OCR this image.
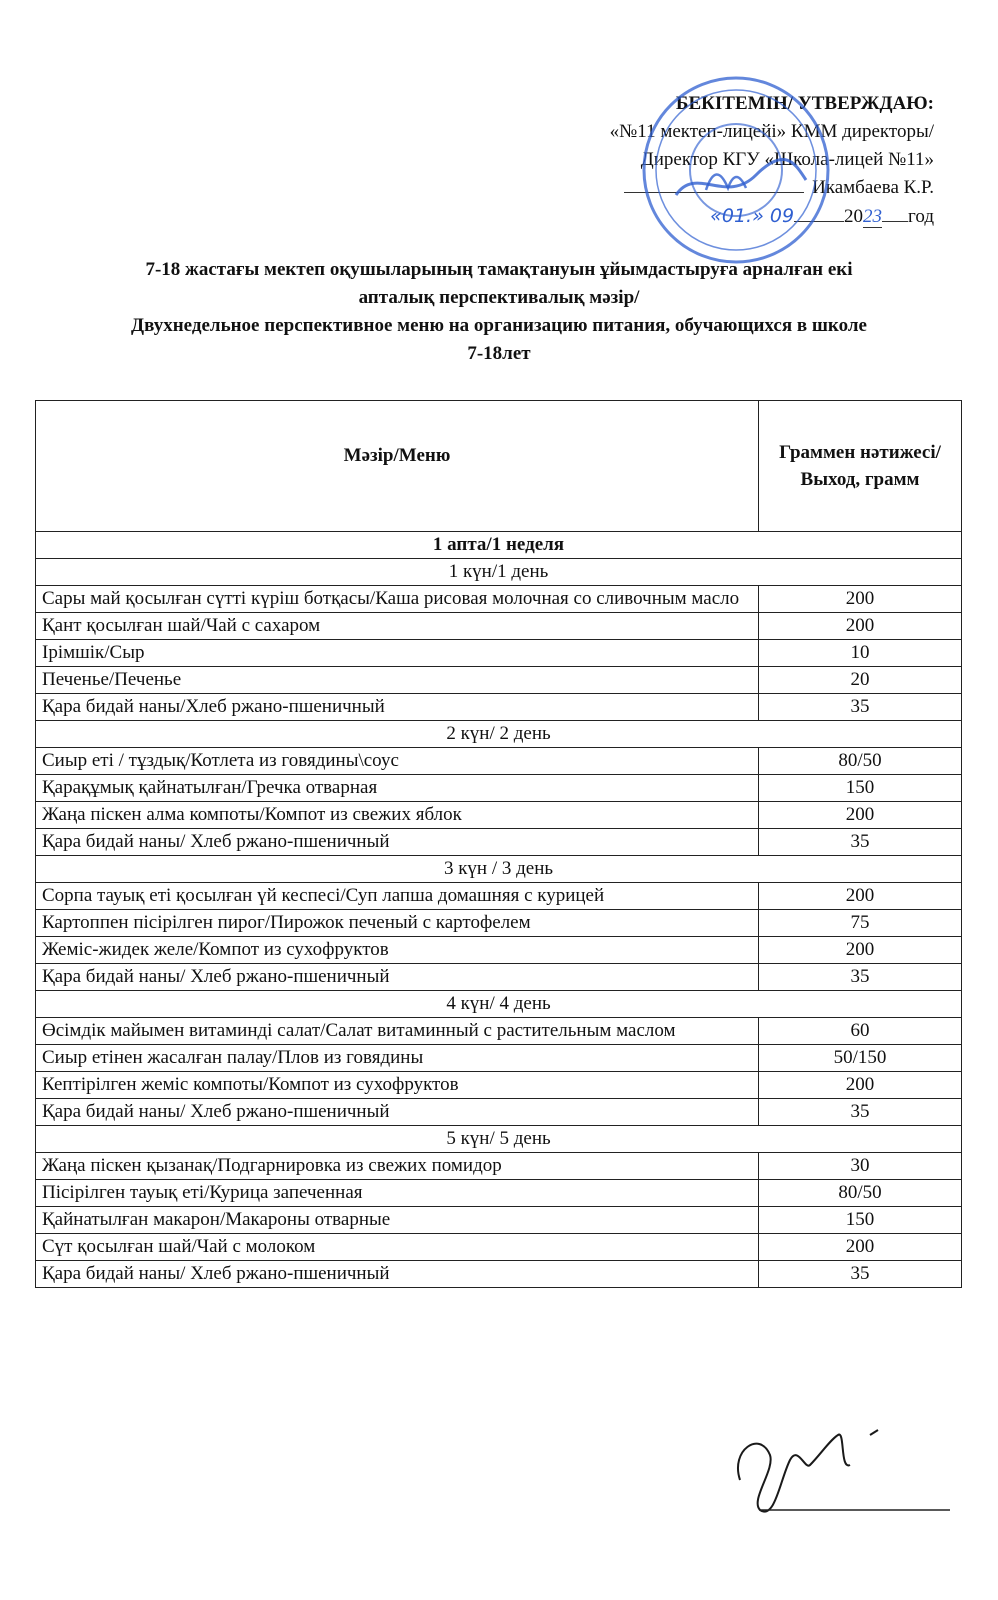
БЕКІТЕМІН/ УТВЕРЖДАЮ:
«№11 мектеп-лицейі» КММ директоры/
Директор КГУ «Школа-лицей №11»
Икамбаева К.Р.
«01.» 09	2023 год
7-18 жастағы мектеп оқушыларының тамақтануын ұйымдастыруға арналған екі
апталық перспективалық мәзір/
Двухнедельное перспективное меню на организацию питания, обучающихся в школе
7-18лет
Мәзір/Меню	Граммен нәтижесі/ Выход, грамм
1 апта/1 неделя	
1 күн/1 день	
Сары май қосылған сүтті күріш ботқасы/Каша рисовая молочная со сливочным масло	200
Қант қосылған шай/Чай с сахаром	200
Ірімшік/Сыр	10
Печенье/Печенье	20
Қара бидай наны/Хлеб ржано-пшеничный	35
2 күн/ 2 день	
Сиыр еті / тұздық/Котлета из говядины\соус	80/50
Қарақұмық қайнатылған/Гречка отварная	150
Жаңа піскен алма компоты/Компот из свежих яблок	200
Қара бидай наны/ Хлеб ржано-пшеничный	35
3 күн / 3 день	
Сорпа тауық еті қосылған үй кеспесі/Суп лапша домашняя с курицей	200
Картоппен пісірілген пирог/Пирожок печеный с картофелем	75
Жеміс-жидек желе/Компот из сухофруктов	200
Қара бидай наны/ Хлеб ржано-пшеничный	35
4 күн/ 4 день	
Өсімдік майымен витаминді салат/Салат витаминный с растительным маслом	60
Сиыр етінен жасалған палау/Плов из говядины	50/150
Кептірілген жеміс компоты/Компот из сухофруктов	200
Қара бидай наны/ Хлеб ржано-пшеничный	35
5 күн/ 5 день	
Жаңа піскен қызанақ/Подгарнировка из свежих помидор	30
Пісірілген тауық еті/Курица запеченная	80/50
Қайнатылған макарон/Макароны отварные	150
Сүт қосылған шай/Чай с молоком	200
Қара бидай наны/ Хлеб ржано-пшеничный	35
